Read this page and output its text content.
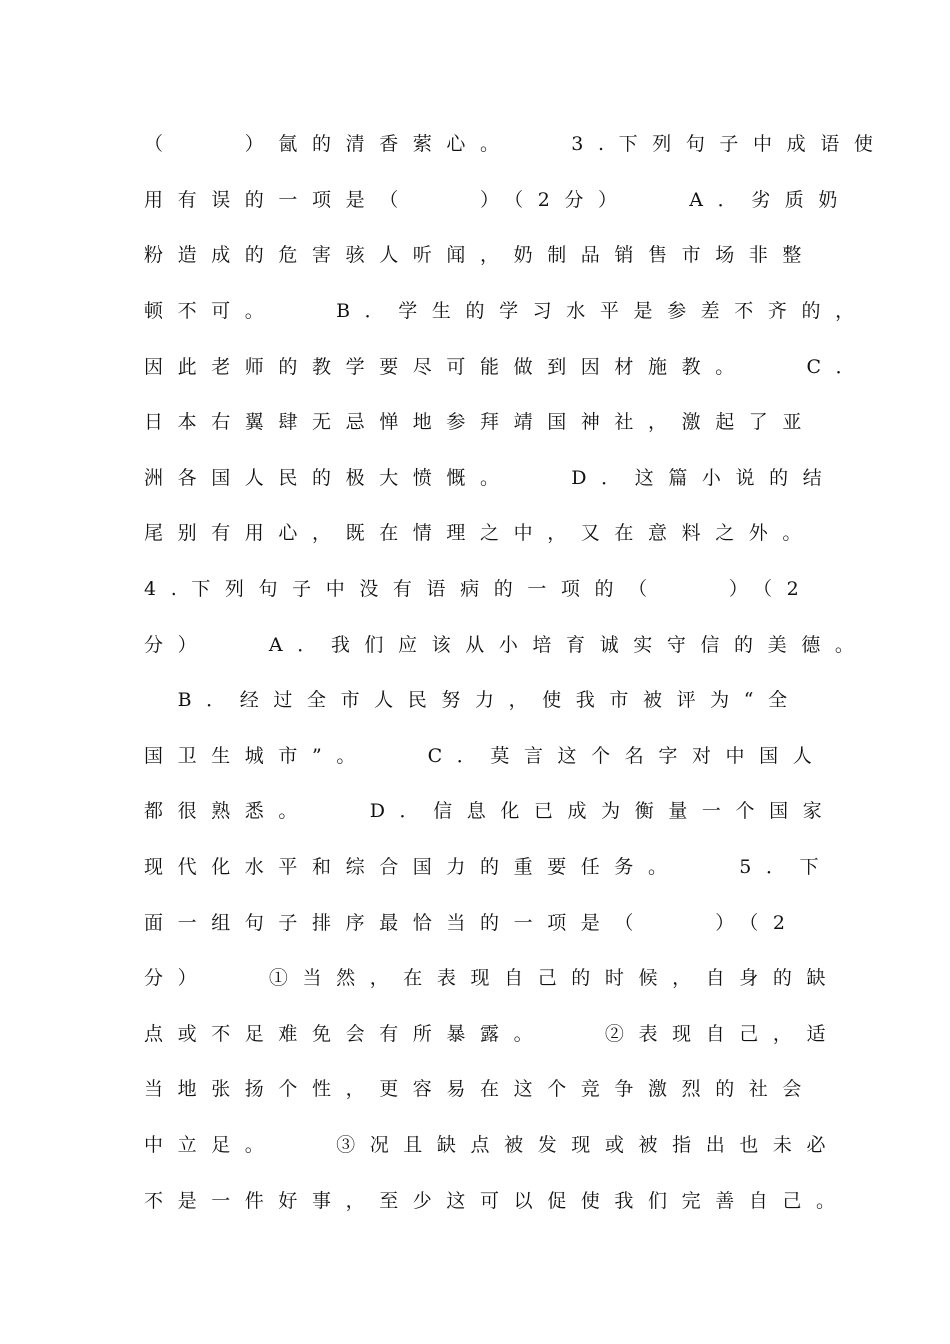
（　　）氤的清香萦心。　　3.下列句子中成语使
用有误的一项是（　　）（2分）　　A．劣质奶
粉造成的危害骇人听闻，奶制品销售市场非整
顿不可。　　B．学生的学习水平是参差不齐的，
因此老师的教学要尽可能做到因材施教。　　C．
日本右翼肆无忌惮地参拜靖国神社，激起了亚
洲各国人民的极大愤慨。　　D．这篇小说的结
尾别有用心，既在情理之中，又在意料之外。
4.下列句子中没有语病的一项的（　　）（2
分）　　A．我们应该从小培育诚实守信的美德。
　B．经过全市人民努力，使我市被评为“全
国卫生城市”。　　C．莫言这个名字对中国人
都很熟悉。　　D．信息化已成为衡量一个国家
现代化水平和综合国力的重要任务。　　5．下
面一组句子排序最恰当的一项是（　　）（2
分）　　①当然，在表现自己的时候，自身的缺
点或不足难免会有所暴露。　　②表现自己，适
当地张扬个性，更容易在这个竞争激烈的社会
中立足。　　③况且缺点被发现或被指出也未必
不是一件好事，至少这可以促使我们完善自己。
